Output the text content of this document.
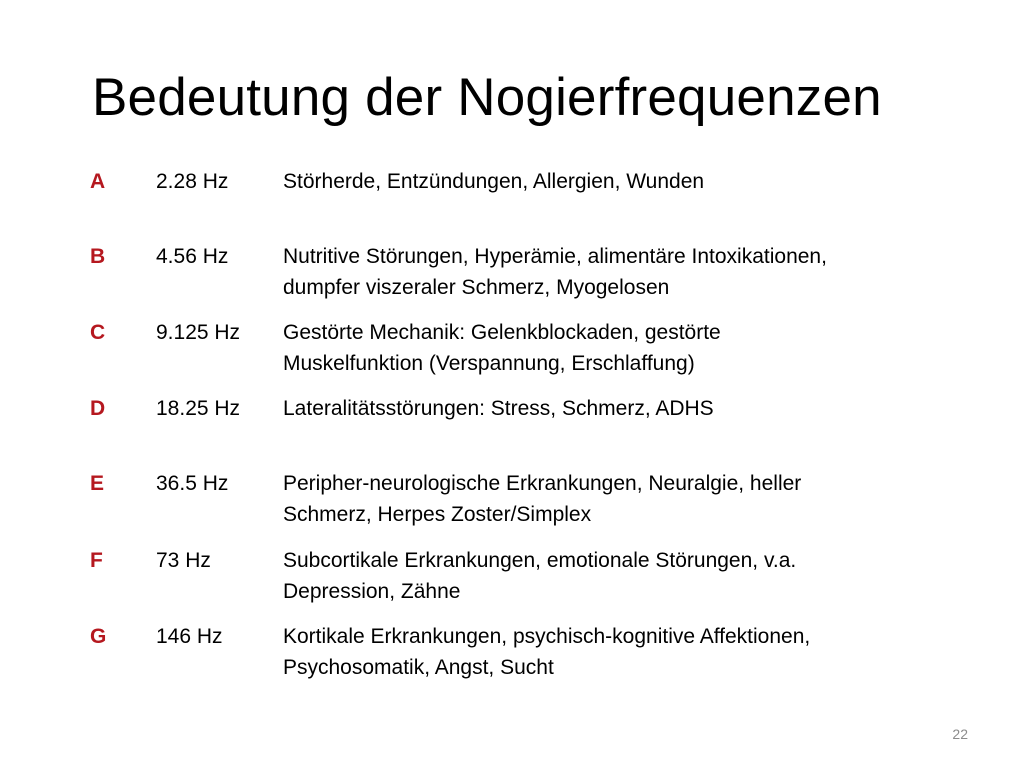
Bedeutung der Nogierfrequenzen
A 2.28 Hz	Störherde, Entzündungen, Allergien, Wunden
B 4.56 Hz	Nutritive Störungen, Hyperämie, alimentäre Intoxikationen,
dumpfer viszeraler Schmerz, Myogelosen
C 9.125 Hz Gestörte Mechanik: Gelenkblockaden, gestörte
Muskelfunktion (Verspannung, Erschlaffung)
D 18.25 Hz Lateralitätsstörungen: Stress, Schmerz, ADHS
E 36.5 Hz	Peripher-neurologische Erkrankungen, Neuralgie, heller
Schmerz, Herpes Zoster/Simplex
F	73 Hz	Subcortikale Erkrankungen, emotionale Störungen, v.a.
Depression, Zähne
G 146 Hz	Kortikale Erkrankungen, psychisch-kognitive Affektionen,
Psychosomatik, Angst, Sucht
22
